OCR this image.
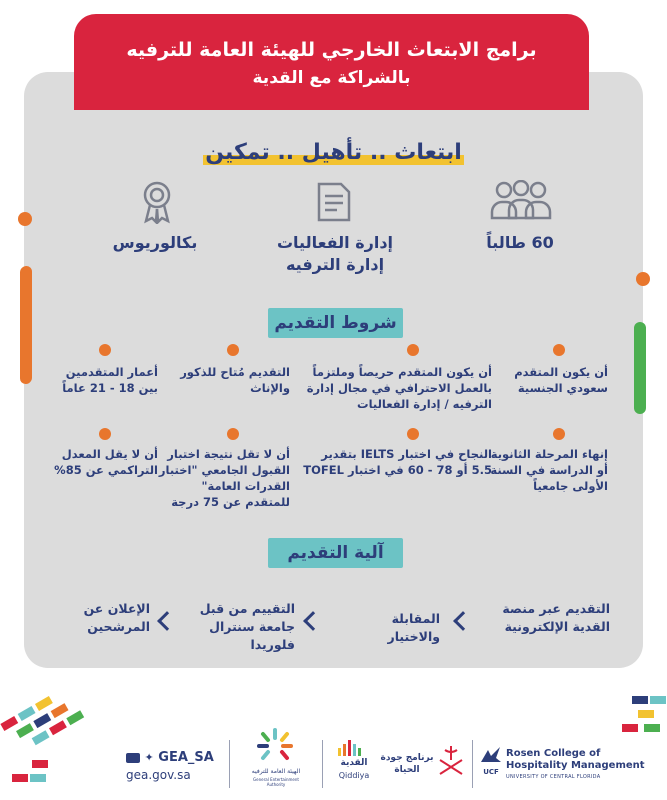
برامج الابتعاث الخارجي للهيئة العامة للترفيه
بالشراكة مع القدية
ابتعاث .. تأهيل .. تمكين
60 طالباً
إدارة الفعاليات
إدارة الترفيه
بكالوريوس
شروط التقديم
أن يكون المتقدم سعودي الجنسية
أن يكون المتقدم حريصاً وملتزماً بالعمل الاحترافي في مجال إدارة الترفيه / إدارة الفعاليات
التقديم مُتاح للذكور والإناث
أعمار المتقدمين بين 18 - 21 عاماً
إنهاء المرحلة الثانوية أو الدراسة في السنة الأولى جامعياً
النجاح في اختبار IELTS بتقدير 5.5 أو 78 - 60 في اختبار TOFEL
أن لا تقل نتيجة اختبار القبول الجامعي "اختبار القدرات العامة" للمتقدم عن 75 درجة
أن لا يقل المعدل التراكمي عن 85%
آلية التقديم
التقديم عبر منصة القدية الإلكترونية
المقابلة والاختيار
التقييم من قبل جامعة سنترال فلوريدا
الإعلان عن المرشحين
✦ GEA_SA
gea.gov.sa	الهيئة العامة للترفيه
General Entertainment Authority
القدية
Qiddiya
برنامج جودة الحياة	UCF
Rosen College of
Hospitality Management
UNIVERSITY OF CENTRAL FLORIDA
